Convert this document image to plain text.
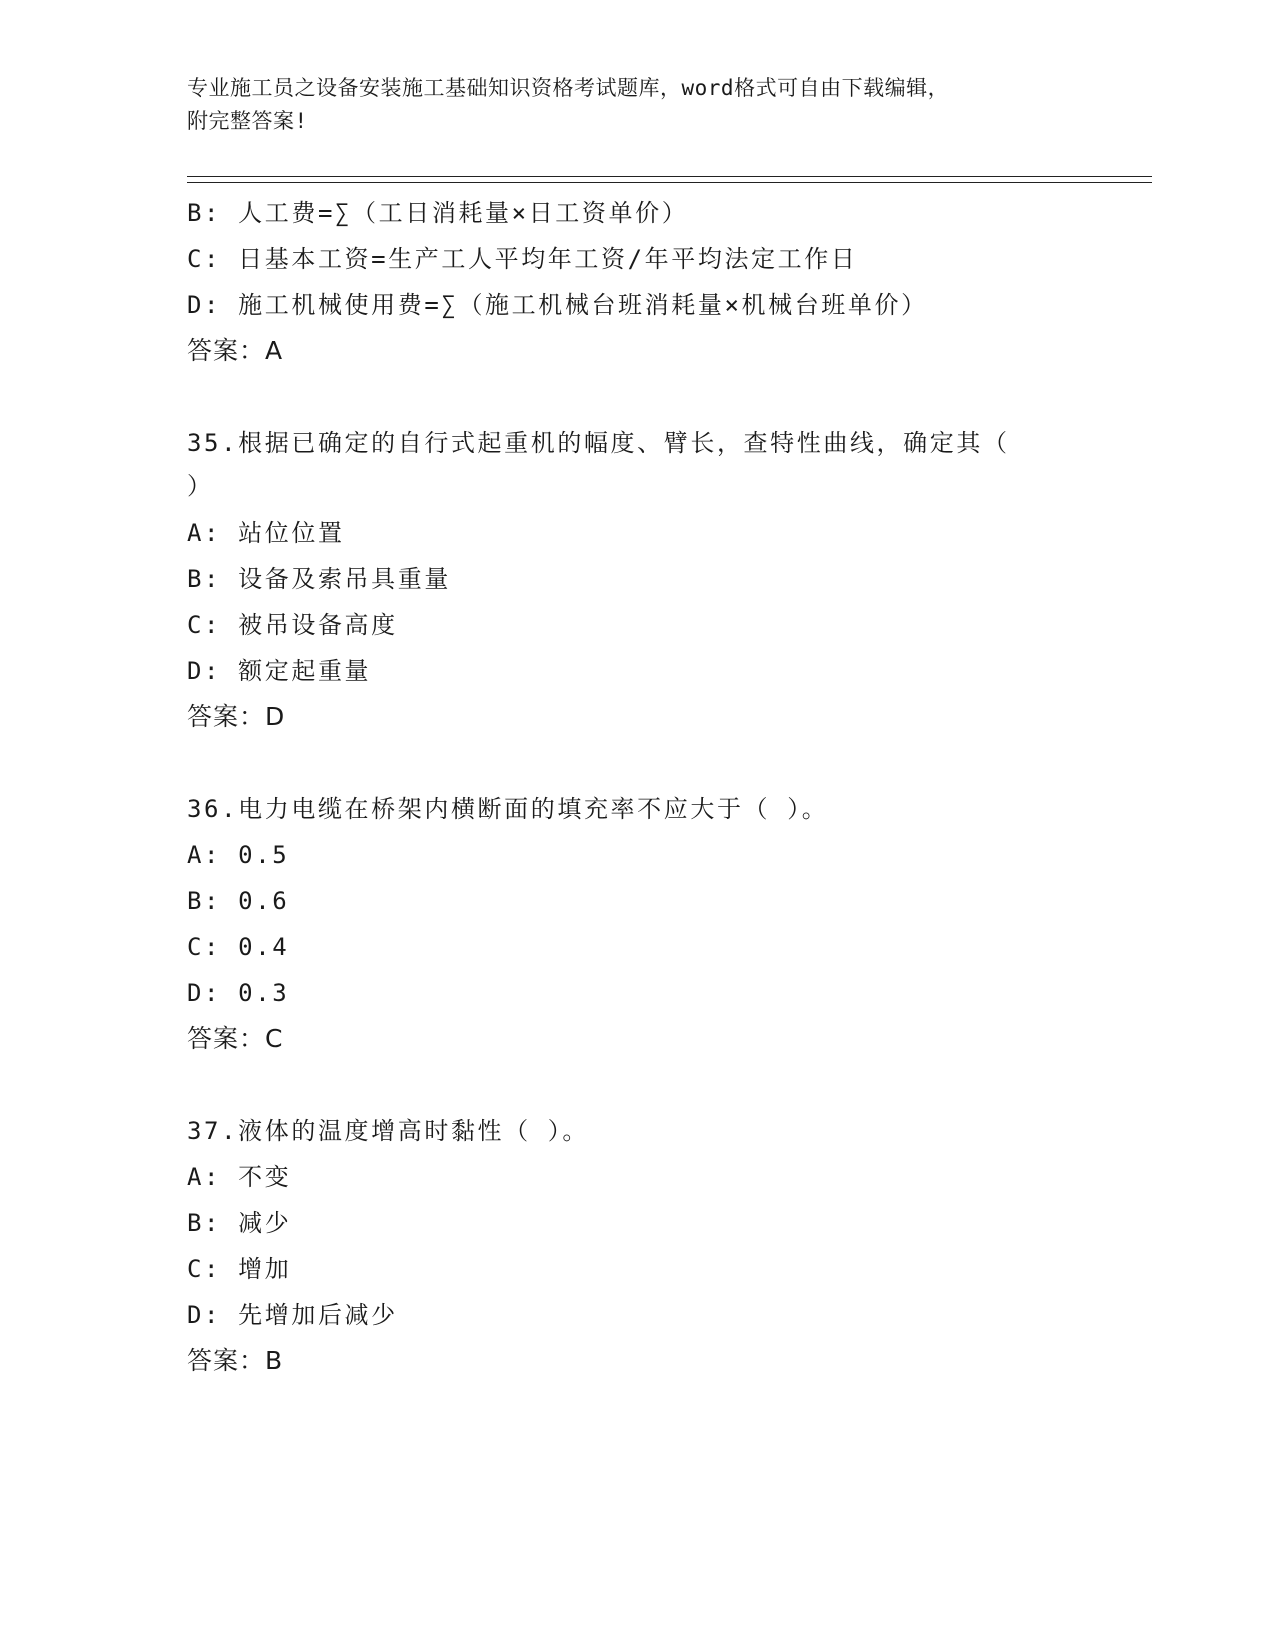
专业施工员之设备安装施工基础知识资格考试题库，word格式可自由下载编辑，
附完整答案!
B: 人工费=∑（工日消耗量×日工资单价）
C: 日基本工资=生产工人平均年工资/年平均法定工作日
D: 施工机械使用费=∑（施工机械台班消耗量×机械台班单价）
答案：A
35.根据已确定的自行式起重机的幅度、臂长，查特性曲线，确定其（
）
A: 站位位置
B: 设备及索吊具重量
C: 被吊设备高度
D: 额定起重量
答案：D
36.电力电缆在桥架内横断面的填充率不应大于（ ）。
A: 0.5
B: 0.6
C: 0.4
D: 0.3
答案：C
37.液体的温度增高时黏性（ ）。
A: 不变
B: 减少
C: 增加
D: 先增加后减少
答案：B
